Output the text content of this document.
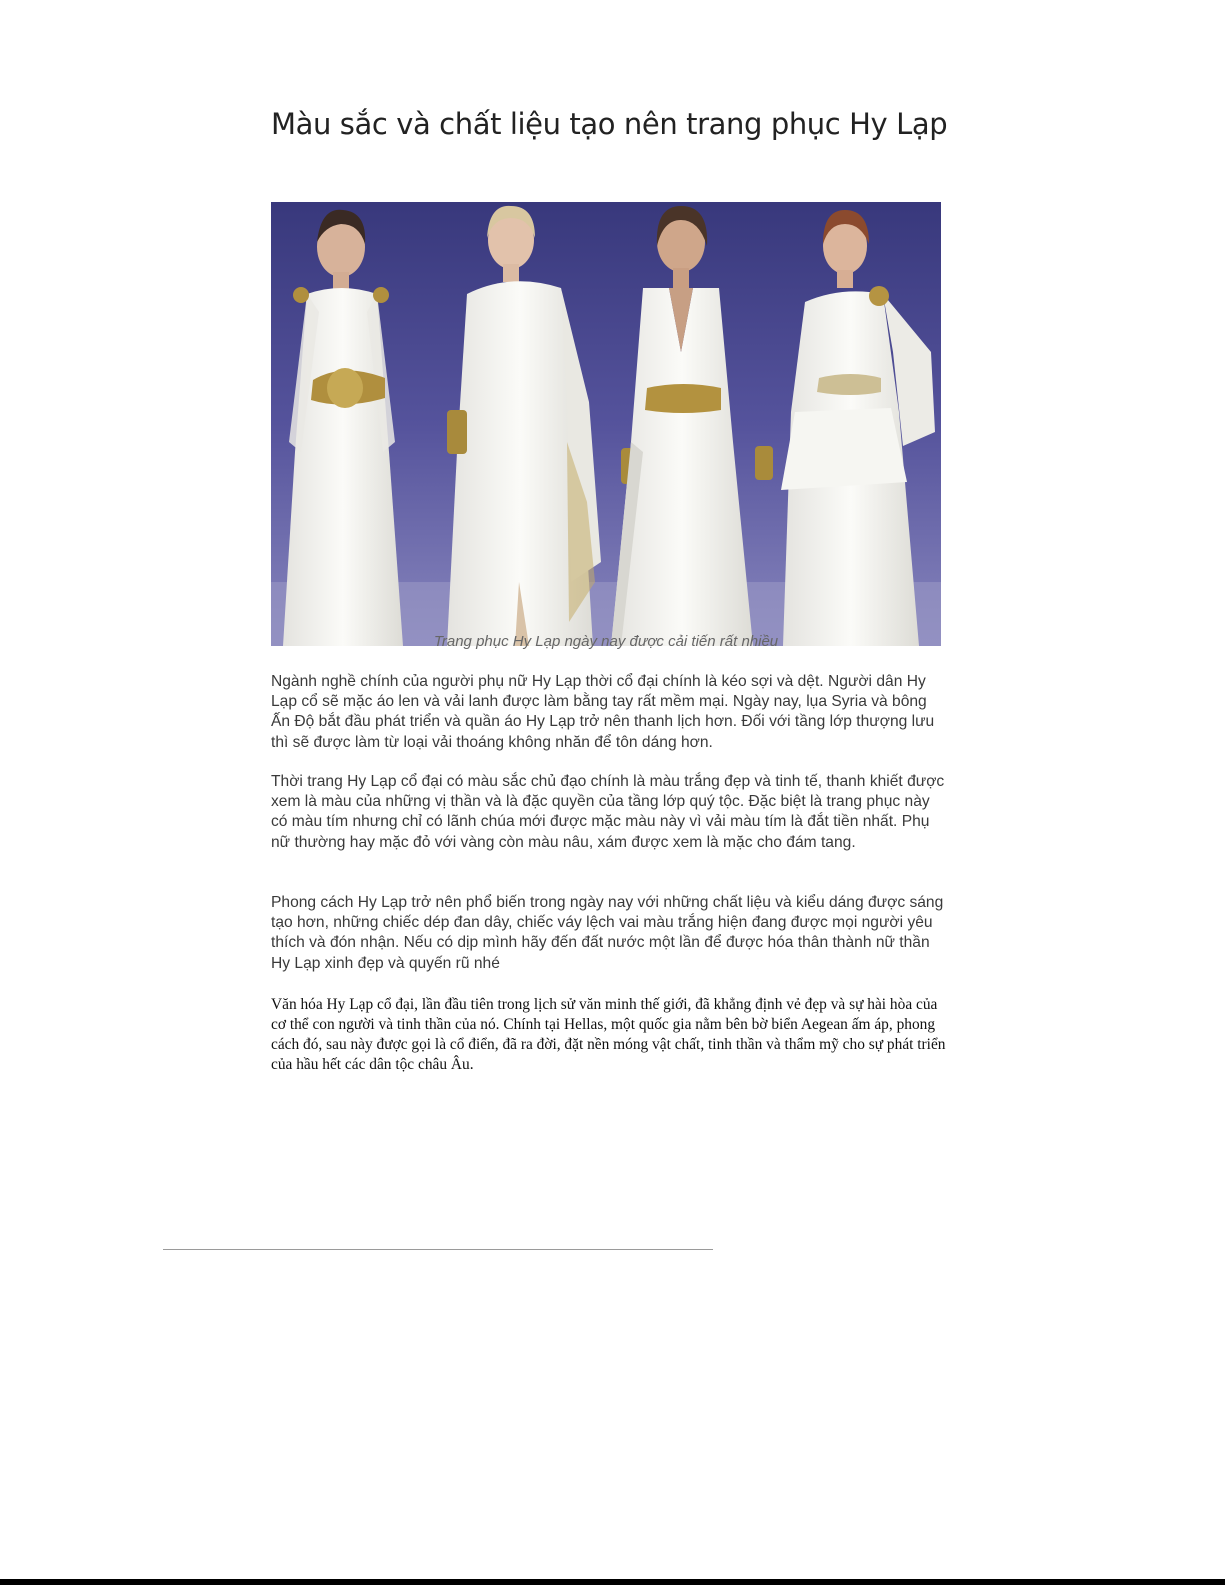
Màu sắc và chất liệu tạo nên trang phục Hy Lạp
Trang phục Hy Lạp ngày nay được cải tiến rất nhiều

Ngành nghề chính của người phụ nữ Hy Lạp thời cổ đại chính là kéo sợi và dệt. Người dân Hy Lạp cổ sẽ mặc áo len và vải lanh được làm bằng tay rất mềm mại. Ngày nay, lụa Syria và bông Ấn Độ bắt đầu phát triển và quần áo Hy Lạp trở nên thanh lịch hơn. Đối với tầng lớp thượng lưu thì sẽ được làm từ loại vải thoáng không nhăn để tôn dáng hơn.

Thời trang Hy Lạp cổ đại có màu sắc chủ đạo chính là màu trắng đẹp và tinh tế, thanh khiết được xem là màu của những vị thần và là đặc quyền của tầng lớp quý tộc. Đặc biệt là trang phục này có màu tím nhưng chỉ có lãnh chúa mới được mặc màu này vì vải màu tím là đắt tiền nhất. Phụ nữ thường hay mặc đỏ với vàng còn màu nâu, xám được xem là mặc cho đám tang.

Phong cách Hy Lạp trở nên phổ biến trong ngày nay với những chất liệu và kiểu dáng được sáng tạo hơn, những chiếc dép đan dây, chiếc váy lệch vai màu trắng hiện đang được mọi người yêu thích và đón nhận. Nếu có dịp mình hãy đến đất nước một lần để được hóa thân thành nữ thần Hy Lạp xinh đẹp và quyến rũ nhé

Văn hóa Hy Lạp cổ đại, lần đầu tiên trong lịch sử văn minh thế giới, đã khẳng định vẻ đẹp và sự hài hòa của cơ thể con người và tinh thần của nó. Chính tại Hellas, một quốc gia nằm bên bờ biển Aegean ấm áp, phong cách đó, sau này được gọi là cổ điển, đã ra đời, đặt nền móng vật chất, tinh thần và thẩm mỹ cho sự phát triển của hầu hết các dân tộc châu Âu.
